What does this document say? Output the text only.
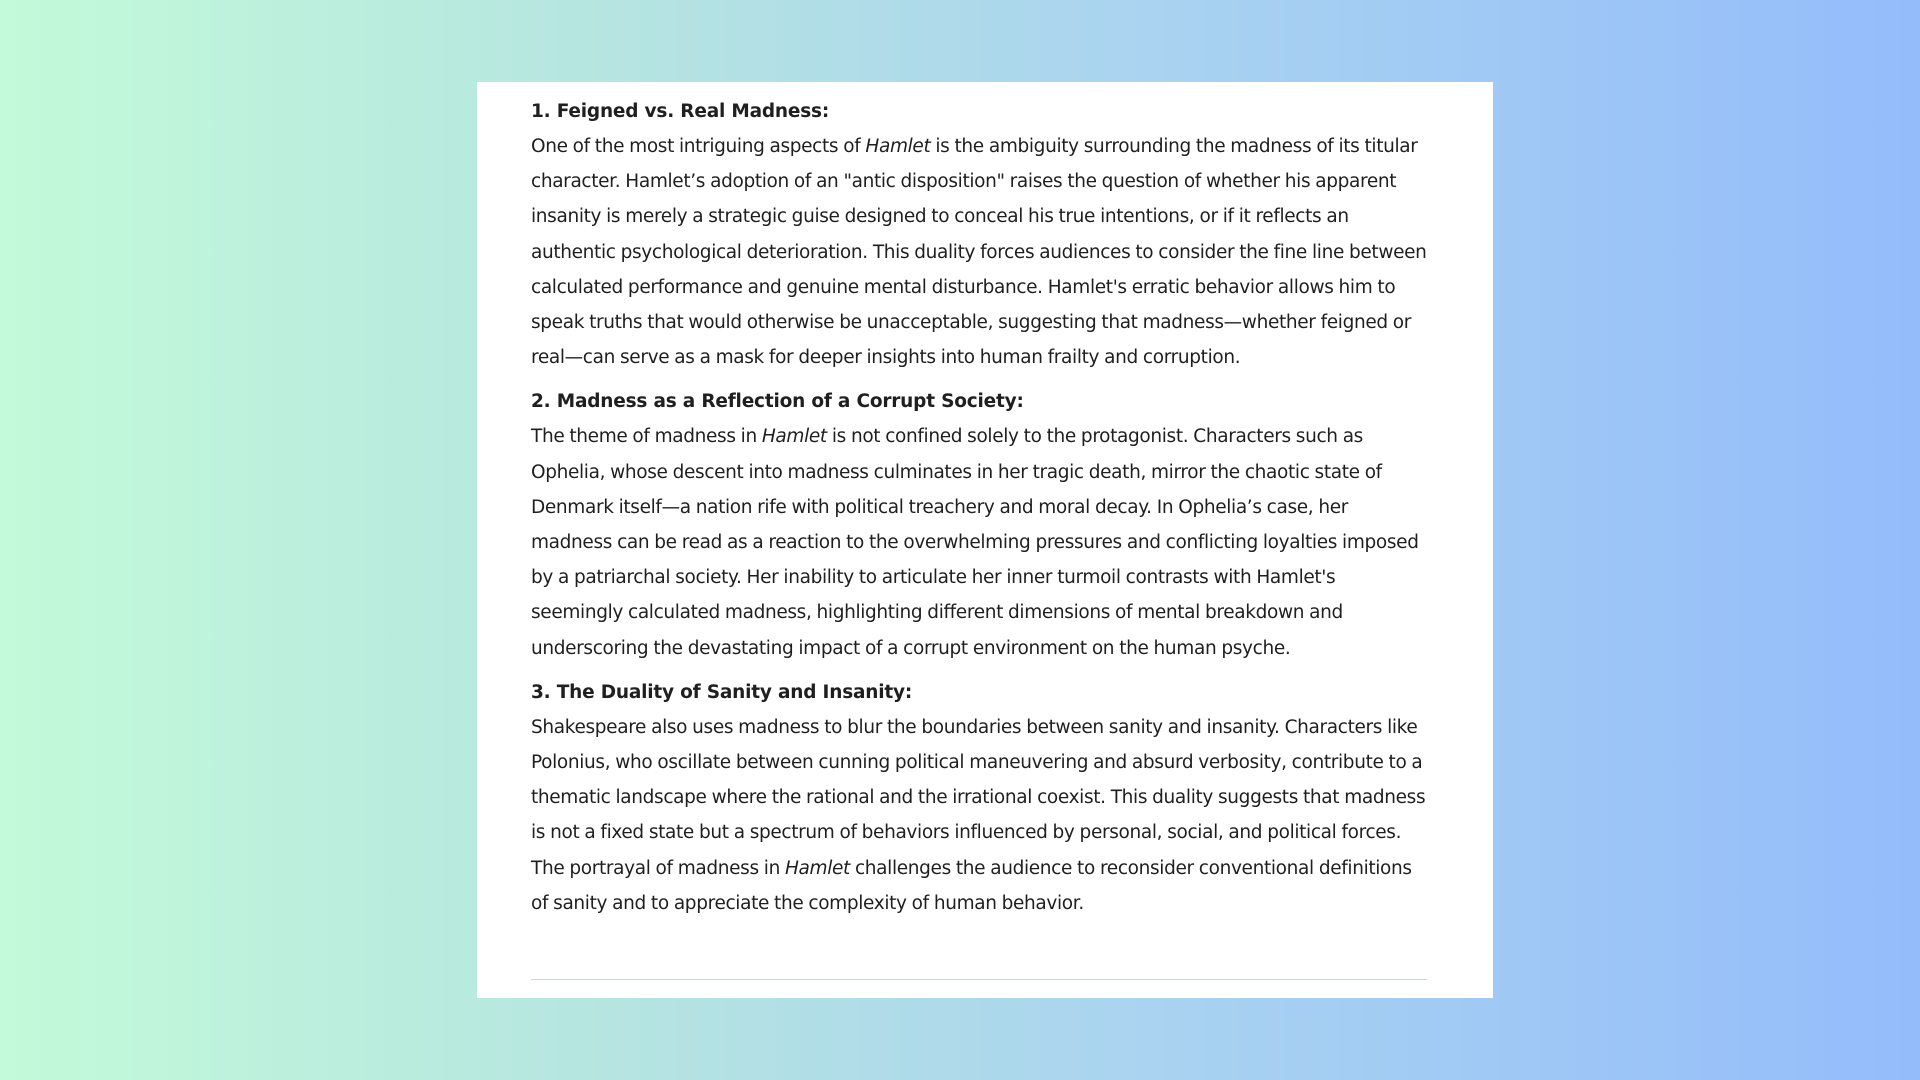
1. Feigned vs. Real Madness:

One of the most intriguing aspects of Hamlet is the ambiguity surrounding the madness of its titular character. Hamlet’s adoption of an "antic disposition" raises the question of whether his apparent insanity is merely a strategic guise designed to conceal his true intentions, or if it reflects an authentic psychological deterioration. This duality forces audiences to consider the fine line between calculated performance and genuine mental disturbance. Hamlet's erratic behavior allows him to speak truths that would otherwise be unacceptable, suggesting that madness—whether feigned or real—can serve as a mask for deeper insights into human frailty and corruption.

2. Madness as a Reflection of a Corrupt Society:

The theme of madness in Hamlet is not confined solely to the protagonist. Characters such as Ophelia, whose descent into madness culminates in her tragic death, mirror the chaotic state of Denmark itself—a nation rife with political treachery and moral decay. In Ophelia’s case, her madness can be read as a reaction to the overwhelming pressures and conflicting loyalties imposed by a patriarchal society. Her inability to articulate her inner turmoil contrasts with Hamlet's seemingly calculated madness, highlighting different dimensions of mental breakdown and underscoring the devastating impact of a corrupt environment on the human psyche.

3. The Duality of Sanity and Insanity:

Shakespeare also uses madness to blur the boundaries between sanity and insanity. Characters like Polonius, who oscillate between cunning political maneuvering and absurd verbosity, contribute to a thematic landscape where the rational and the irrational coexist. This duality suggests that madness is not a fixed state but a spectrum of behaviors influenced by personal, social, and political forces. The portrayal of madness in Hamlet challenges the audience to reconsider conventional definitions of sanity and to appreciate the complexity of human behavior.
